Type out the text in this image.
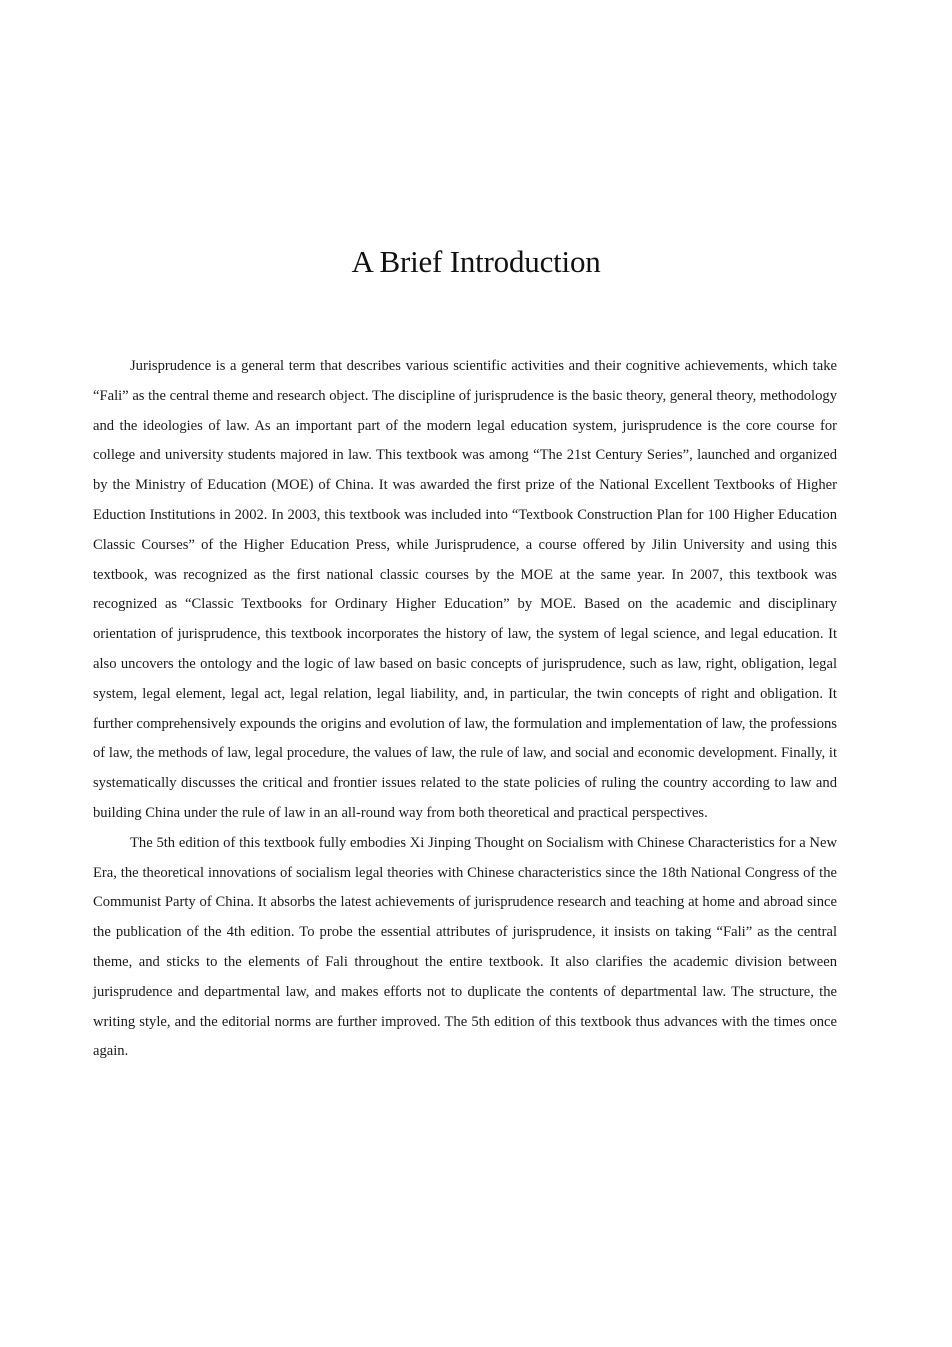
A Brief Introduction

Jurisprudence is a general term that describes various scientific activities and their cognitive achievements, which take “Fali” as the central theme and research object. The discipline of jurisprudence is the basic theory, general theory, methodology and the ideologies of law. As an important part of the modern legal education system, jurisprudence is the core course for college and university students majored in law. This textbook was among “The 21st Century Series”, launched and organized by the Ministry of Education (MOE) of China. It was awarded the first prize of the National Excellent Textbooks of Higher Eduction Institutions in 2002. In 2003, this textbook was included into “Textbook Construction Plan for 100 Higher Education Classic Courses” of the Higher Education Press, while Jurisprudence, a course offered by Jilin University and using this textbook, was recognized as the first national classic courses by the MOE at the same year. In 2007, this textbook was recognized as “Classic Textbooks for Ordinary Higher Education” by MOE. Based on the academic and disciplinary orientation of jurisprudence, this textbook incorporates the history of law, the system of legal science, and legal education. It also uncovers the ontology and the logic of law based on basic concepts of jurisprudence, such as law, right, obligation, legal system, legal element, legal act, legal relation, legal liability, and, in particular, the twin concepts of right and obligation. It further comprehensively expounds the origins and evolution of law, the formulation and implementation of law, the professions of law, the methods of law, legal procedure, the values of law, the rule of law, and social and economic development. Finally, it systematically discusses the critical and frontier issues related to the state policies of ruling the country according to law and building China under the rule of law in an all-round way from both theoretical and practical perspectives.

The 5th edition of this textbook fully embodies Xi Jinping Thought on Socialism with Chinese Characteristics for a New Era, the theoretical innovations of socialism legal theories with Chinese characteristics since the 18th National Congress of the Communist Party of China. It absorbs the latest achievements of jurisprudence research and teaching at home and abroad since the publication of the 4th edition. To probe the essential attributes of jurisprudence, it insists on taking “Fali” as the central theme, and sticks to the elements of Fali throughout the entire textbook. It also clarifies the academic division between jurisprudence and departmental law, and makes efforts not to duplicate the contents of departmental law. The structure, the writing style, and the editorial norms are further improved. The 5th edition of this textbook thus advances with the times once again.
